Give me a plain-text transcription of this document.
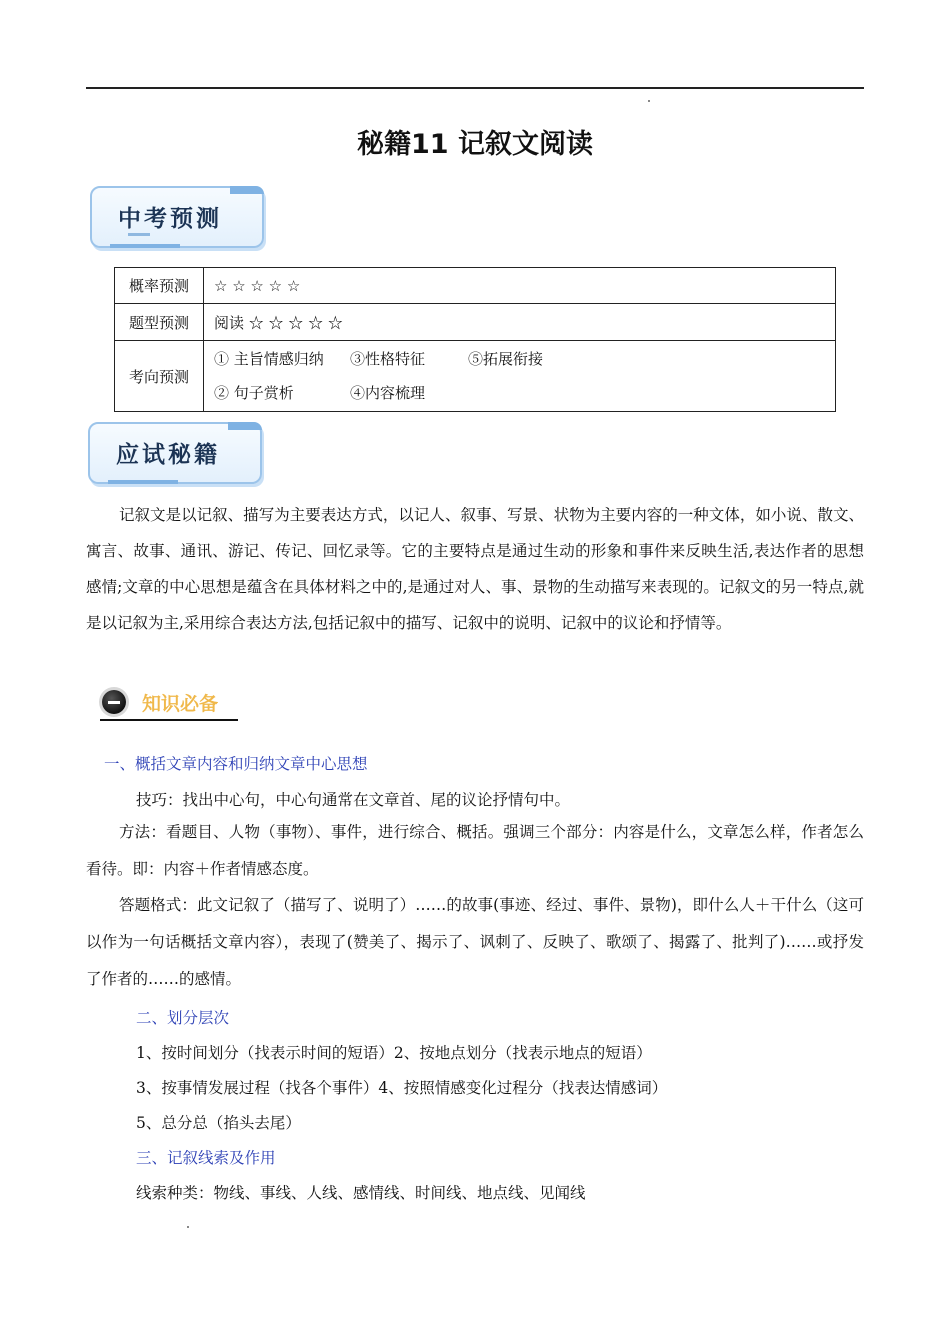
秘籍11 记叙文阅读
中考预测
概率预测	☆ ☆ ☆ ☆ ☆
题型预测	阅读 ☆ ☆ ☆ ☆ ☆
考向预测	① 主旨情感归纳 ③性格特征 ⑤拓展衔接
② 句子赏析 ④内容梳理
应试秘籍
记叙文是以记叙、描写为主要表达方式，以记人、叙事、写景、状物为主要内容的一种文体，如小说、散文、寓言、故事、通讯、游记、传记、回忆录等。它的主要特点是通过生动的形象和事件来反映生活,表达作者的思想感情;文章的中心思想是蕴含在具体材料之中的,是通过对人、事、景物的生动描写来表现的。记叙文的另一特点,就是以记叙为主,采用综合表达方法,包括记叙中的描写、记叙中的说明、记叙中的议论和抒情等。
知识必备
一、概括文章内容和归纳文章中心思想
技巧：找出中心句，中心句通常在文章首、尾的议论抒情句中。
方法：看题目、人物（事物）、事件，进行综合、概括。强调三个部分：内容是什么，文章怎么样，作者怎么看待。即：内容＋作者情感态度。
答题格式：此文记叙了（描写了、说明了）……的故事(事迹、经过、事件、景物)，即什么人＋干什么（这可以作为一句话概括文章内容），表现了(赞美了、揭示了、讽刺了、反映了、歌颂了、揭露了、批判了)……或抒发了作者的……的感情。
二、划分层次
1、按时间划分（找表示时间的短语）2、按地点划分（找表示地点的短语）
3、按事情发展过程（找各个事件）4、按照情感变化过程分（找表达情感词）
5、总分总（掐头去尾）
三、记叙线索及作用
线索种类：物线、事线、人线、感情线、时间线、地点线、见闻线
